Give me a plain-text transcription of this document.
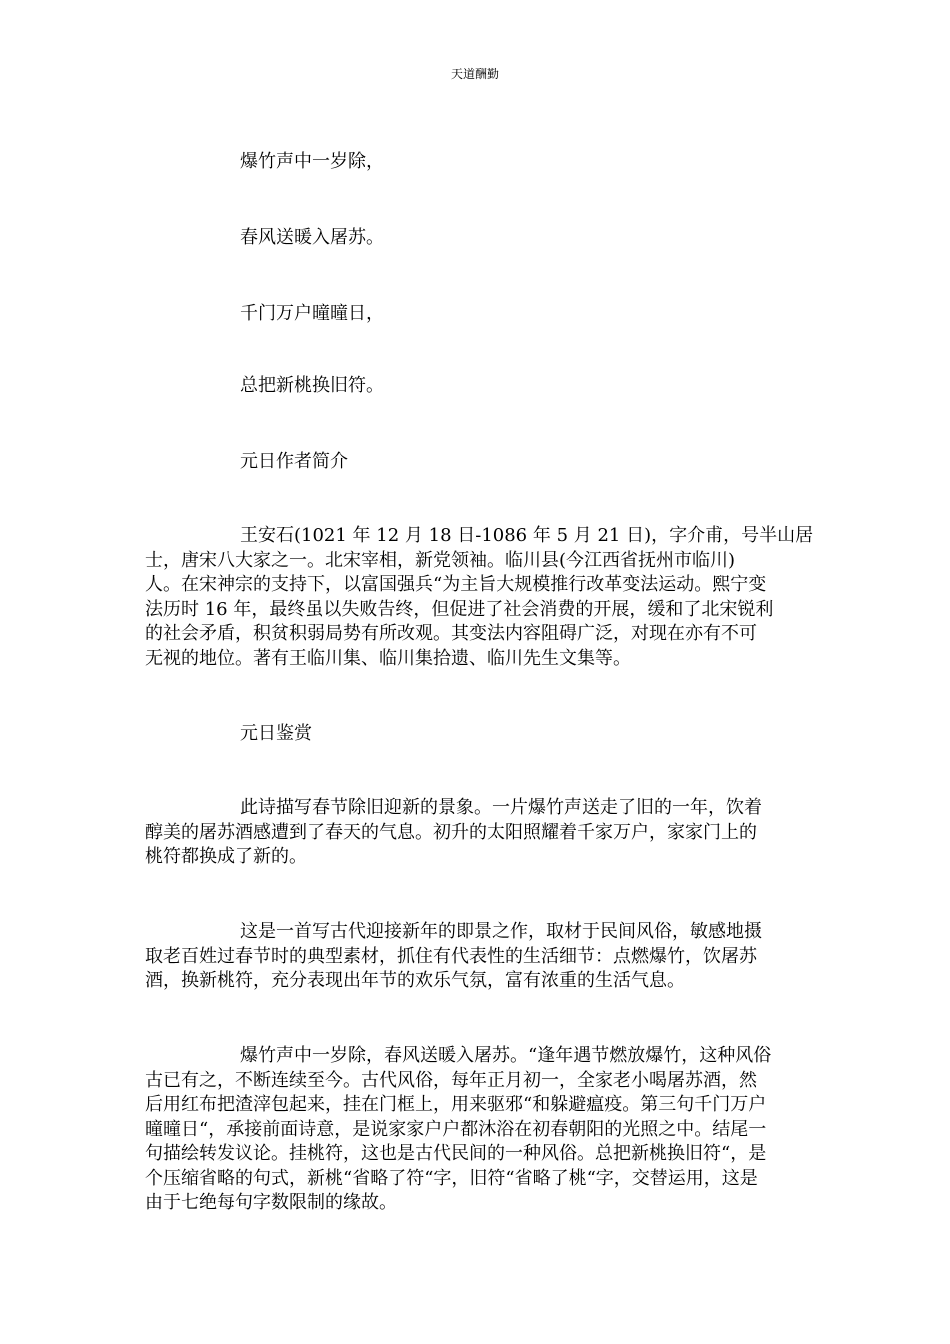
天道酬勤
爆竹声中一岁除，
春风送暖入屠苏。
千门万户曈曈日，
总把新桃换旧符。
元日作者简介
王安石(1021 年 12 月 18 日-1086 年 5 月 21 日)，字介甫，号半山居
士，唐宋八大家之一。北宋宰相，新党领袖。临川县(今江西省抚州市临川)
人。在宋神宗的支持下，以富国强兵“为主旨大规模推行改革变法运动。熙宁变
法历时 16 年，最终虽以失败告终，但促进了社会消费的开展，缓和了北宋锐利
的社会矛盾，积贫积弱局势有所改观。其变法内容阻碍广泛，对现在亦有不可
无视的地位。著有王临川集、临川集拾遗、临川先生文集等。
元日鉴赏
此诗描写春节除旧迎新的景象。一片爆竹声送走了旧的一年，饮着
醇美的屠苏酒感遭到了春天的气息。初升的太阳照耀着千家万户，家家门上的
桃符都换成了新的。
这是一首写古代迎接新年的即景之作，取材于民间风俗，敏感地摄
取老百姓过春节时的典型素材，抓住有代表性的生活细节：点燃爆竹，饮屠苏
酒，换新桃符，充分表现出年节的欢乐气氛，富有浓重的生活气息。
爆竹声中一岁除，春风送暖入屠苏。“逢年遇节燃放爆竹，这种风俗
古已有之，不断连续至今。古代风俗，每年正月初一，全家老小喝屠苏酒，然
后用红布把渣滓包起来，挂在门框上，用来驱邪“和躲避瘟疫。第三句千门万户
曈曈日“，承接前面诗意，是说家家户户都沐浴在初春朝阳的光照之中。结尾一
句描绘转发议论。挂桃符，这也是古代民间的一种风俗。总把新桃换旧符“，是
个压缩省略的句式，新桃“省略了符“字，旧符“省略了桃“字，交替运用，这是
由于七绝每句字数限制的缘故。
